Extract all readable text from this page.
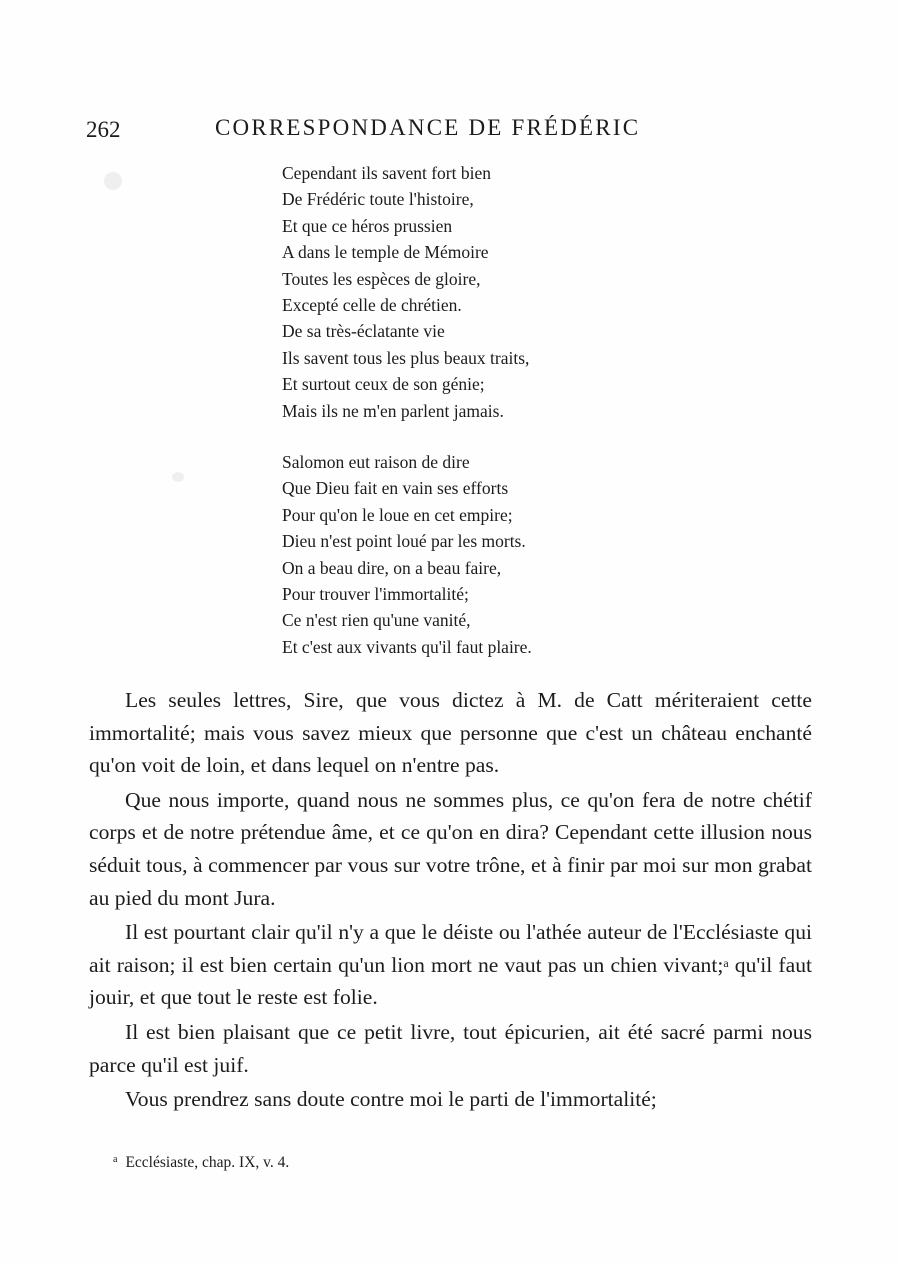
262	CORRESPONDANCE DE FRÉDÉRIC
Cependant ils savent fort bien
De Frédéric toute l'histoire,
Et que ce héros prussien
A dans le temple de Mémoire
Toutes les espèces de gloire,
Excepté celle de chrétien.
De sa très-éclatante vie
Ils savent tous les plus beaux traits,
Et surtout ceux de son génie;
Mais ils ne m'en parlent jamais.
Salomon eut raison de dire
Que Dieu fait en vain ses efforts
Pour qu'on le loue en cet empire;
Dieu n'est point loué par les morts.
On a beau dire, on a beau faire,
Pour trouver l'immortalité;
Ce n'est rien qu'une vanité,
Et c'est aux vivants qu'il faut plaire.

Les seules lettres, Sire, que vous dictez à M. de Catt mériteraient cette immortalité; mais vous savez mieux que personne que c'est un château enchanté qu'on voit de loin, et dans lequel on n'entre pas.

Que nous importe, quand nous ne sommes plus, ce qu'on fera de notre chétif corps et de notre prétendue âme, et ce qu'on en dira? Cependant cette illusion nous séduit tous, à commencer par vous sur votre trône, et à finir par moi sur mon grabat au pied du mont Jura.

Il est pourtant clair qu'il n'y a que le déiste ou l'athée auteur de l'Ecclésiaste qui ait raison; il est bien certain qu'un lion mort ne vaut pas un chien vivant;$^a$ qu'il faut jouir, et que tout le reste est folie.

Il est bien plaisant que ce petit livre, tout épicurien, ait été sacré parmi nous parce qu'il est juif.

Vous prendrez sans doute contre moi le parti de l'immortalité;

$^a$ Ecclésiaste, chap. IX, v. 4.
